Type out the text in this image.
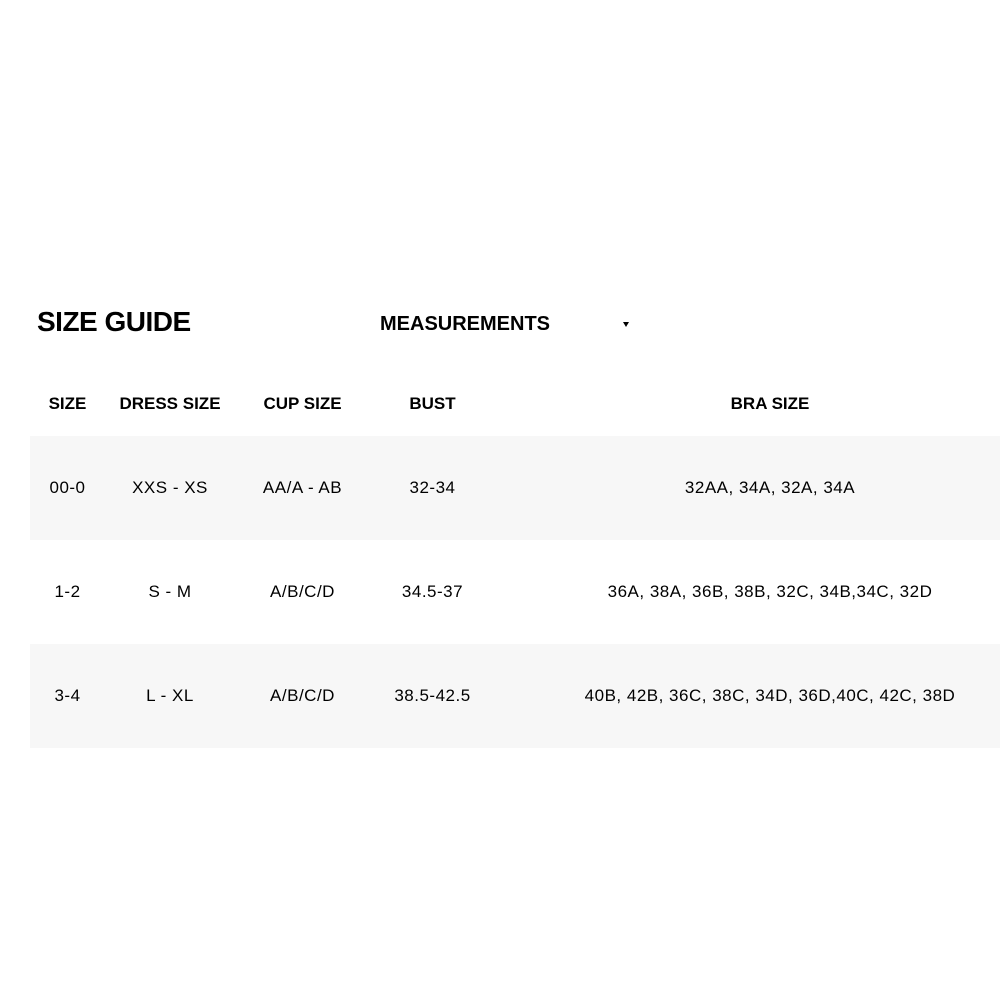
SIZE GUIDE	MEASUREMENTS
SIZE	DRESS SIZE	CUP SIZE	BUST	BRA SIZE
00-0	XXS - XS	AA/A - AB	32-34	32AA, 34A, 32A, 34A
1-2	S - M	A/B/C/D	34.5-37	36A, 38A, 36B, 38B, 32C, 34B,34C, 32D
3-4	L - XL	A/B/C/D	38.5-42.5	40B, 42B, 36C, 38C, 34D, 36D,40C, 42C, 38D
